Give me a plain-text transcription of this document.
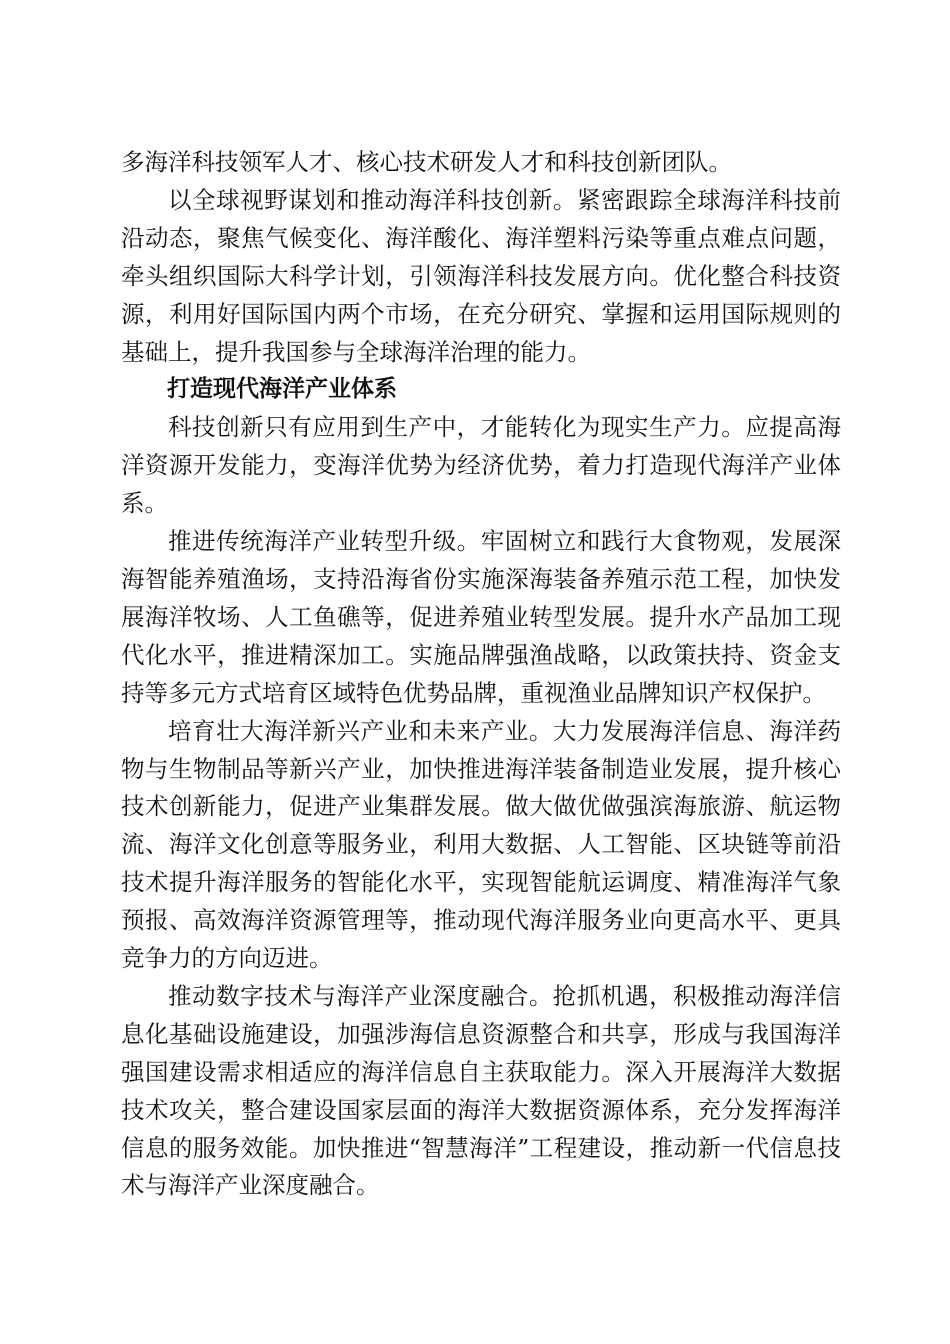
多海洋科技领军人才、核心技术研发人才和科技创新团队。

以全球视野谋划和推动海洋科技创新。紧密跟踪全球海洋科技前沿动态，聚焦气候变化、海洋酸化、海洋塑料污染等重点难点问题，牵头组织国际大科学计划，引领海洋科技发展方向。优化整合科技资源，利用好国际国内两个市场，在充分研究、掌握和运用国际规则的基础上，提升我国参与全球海洋治理的能力。

打造现代海洋产业体系

科技创新只有应用到生产中，才能转化为现实生产力。应提高海洋资源开发能力，变海洋优势为经济优势，着力打造现代海洋产业体系。

推进传统海洋产业转型升级。牢固树立和践行大食物观，发展深海智能养殖渔场，支持沿海省份实施深海装备养殖示范工程，加快发展海洋牧场、人工鱼礁等，促进养殖业转型发展。提升水产品加工现代化水平，推进精深加工。实施品牌强渔战略，以政策扶持、资金支持等多元方式培育区域特色优势品牌，重视渔业品牌知识产权保护。

培育壮大海洋新兴产业和未来产业。大力发展海洋信息、海洋药物与生物制品等新兴产业，加快推进海洋装备制造业发展，提升核心技术创新能力，促进产业集群发展。做大做优做强滨海旅游、航运物流、海洋文化创意等服务业，利用大数据、人工智能、区块链等前沿技术提升海洋服务的智能化水平，实现智能航运调度、精准海洋气象预报、高效海洋资源管理等，推动现代海洋服务业向更高水平、更具竞争力的方向迈进。

推动数字技术与海洋产业深度融合。抢抓机遇，积极推动海洋信息化基础设施建设，加强涉海信息资源整合和共享，形成与我国海洋强国建设需求相适应的海洋信息自主获取能力。深入开展海洋大数据技术攻关，整合建设国家层面的海洋大数据资源体系，充分发挥海洋信息的服务效能。加快推进“智慧海洋”工程建设，推动新一代信息技术与海洋产业深度融合。
